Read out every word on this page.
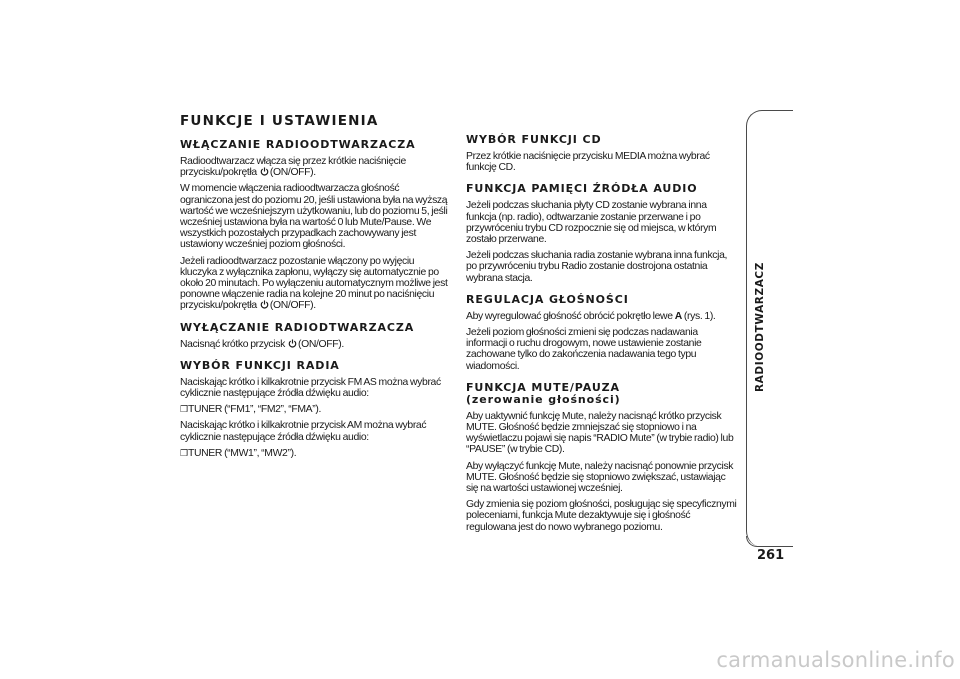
FUNKCJE I USTAWIENIA
WŁĄCZANIE RADIOODTWARZACZA
Radioodtwarzacz włącza się przez krótkie naciśnięcie przycisku/pokrętła (ON/OFF).
W momencie włączenia radioodtwarzacza głośność ograniczona jest do poziomu 20, jeśli ustawiona była na wyższą wartość we wcześniejszym użytkowaniu, lub do poziomu 5, jeśli wcześniej ustawiona była na wartość 0 lub Mute/Pause. We wszystkich pozostałych przypadkach zachowywany jest ustawiony wcześniej poziom głośności.
Jeżeli radioodtwarzacz pozostanie włączony po wyjęciu kluczyka z wyłącznika zapłonu, wyłączy się automatycznie po około 20 minutach. Po wyłączeniu automatycznym możliwe jest ponowne włączenie radia na kolejne 20 minut po naciśnięciu przycisku/pokrętła (ON/OFF).
WYŁĄCZANIE RADIODTWARZACZA
Nacisnąć krótko przycisk (ON/OFF).
WYBÓR FUNKCJI RADIA
Naciskając krótko i kilkakrotnie przycisk FM AS można wybrać cyklicznie następujące źródła dźwięku audio:
❒ TUNER (“FM1”, “FM2”, “FMA”).
Naciskając krótko i kilkakrotnie przycisk AM można wybrać cyklicznie następujące źródła dźwięku audio:
❒ TUNER (“MW1”, “MW2”).
WYBÓR FUNKCJI CD
Przez krótkie naciśnięcie przycisku MEDIA można wybrać funkcję CD.
FUNKCJA PAMIĘCI ŹRÓDŁA AUDIO
Jeżeli podczas słuchania płyty CD zostanie wybrana inna funkcja (np. radio), odtwarzanie zostanie przerwane i po przywróceniu trybu CD rozpocznie się od miejsca, w którym zostało przerwane.
Jeżeli podczas słuchania radia zostanie wybrana inna funkcja, po przywróceniu trybu Radio zostanie dostrojona ostatnia wybrana stacja.
REGULACJA GŁOŚNOŚCI
Aby wyregulować głośność obrócić pokrętło lewe A (rys. 1).
Jeżeli poziom głośności zmieni się podczas nadawania informacji o ruchu drogowym, nowe ustawienie zostanie zachowane tylko do zakończenia nadawania tego typu wiadomości.
FUNKCJA MUTE/PAUZA
(zerowanie głośności)
Aby uaktywnić funkcję Mute, należy nacisnąć krótko przycisk MUTE. Głośność będzie zmniejszać się stopniowo i na wyświetlaczu pojawi się napis “RADIO Mute” (w trybie radio) lub “PAUSE” (w trybie CD).
Aby wyłączyć funkcję Mute, należy nacisnąć ponownie przycisk MUTE. Głośność będzie się stopniowo zwiększać, ustawiając się na wartości ustawionej wcześniej.
Gdy zmienia się poziom głośności, posługując się specyficznymi poleceniami, funkcja Mute dezaktywuje się i głośność regulowana jest do nowo wybranego poziomu.
RADIOODTWARZACZ
261
carmanualsonline.info
